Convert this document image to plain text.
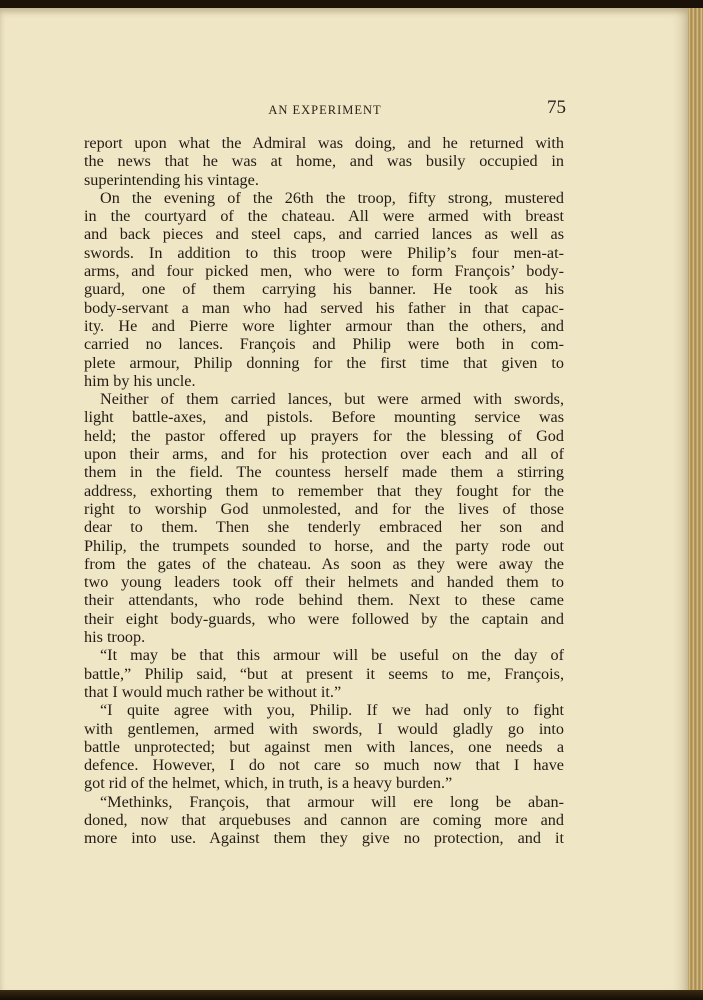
AN EXPERIMENT	75
report upon what the Admiral was doing, and he returned with
the news that he was at home, and was busily occupied in
superintending his vintage.
On the evening of the 26th the troop, fifty strong, mustered
in the courtyard of the chateau. All were armed with breast
and back pieces and steel caps, and carried lances as well as
swords. In addition to this troop were Philip’s four men-at-
arms, and four picked men, who were to form François’ body-
guard, one of them carrying his banner. He took as his
body-servant a man who had served his father in that capac-
ity. He and Pierre wore lighter armour than the others, and
carried no lances. François and Philip were both in com-
plete armour, Philip donning for the first time that given to
him by his uncle.
Neither of them carried lances, but were armed with swords,
light battle-axes, and pistols. Before mounting service was
held; the pastor offered up prayers for the blessing of God
upon their arms, and for his protection over each and all of
them in the field. The countess herself made them a stirring
address, exhorting them to remember that they fought for the
right to worship God unmolested, and for the lives of those
dear to them. Then she tenderly embraced her son and
Philip, the trumpets sounded to horse, and the party rode out
from the gates of the chateau. As soon as they were away the
two young leaders took off their helmets and handed them to
their attendants, who rode behind them. Next to these came
their eight body-guards, who were followed by the captain and
his troop.
“It may be that this armour will be useful on the day of
battle,” Philip said, “but at present it seems to me, François,
that I would much rather be without it.”
“I quite agree with you, Philip. If we had only to fight
with gentlemen, armed with swords, I would gladly go into
battle unprotected; but against men with lances, one needs a
defence. However, I do not care so much now that I have
got rid of the helmet, which, in truth, is a heavy burden.”
“Methinks, François, that armour will ere long be aban-
doned, now that arquebuses and cannon are coming more and
more into use. Against them they give no protection, and it
